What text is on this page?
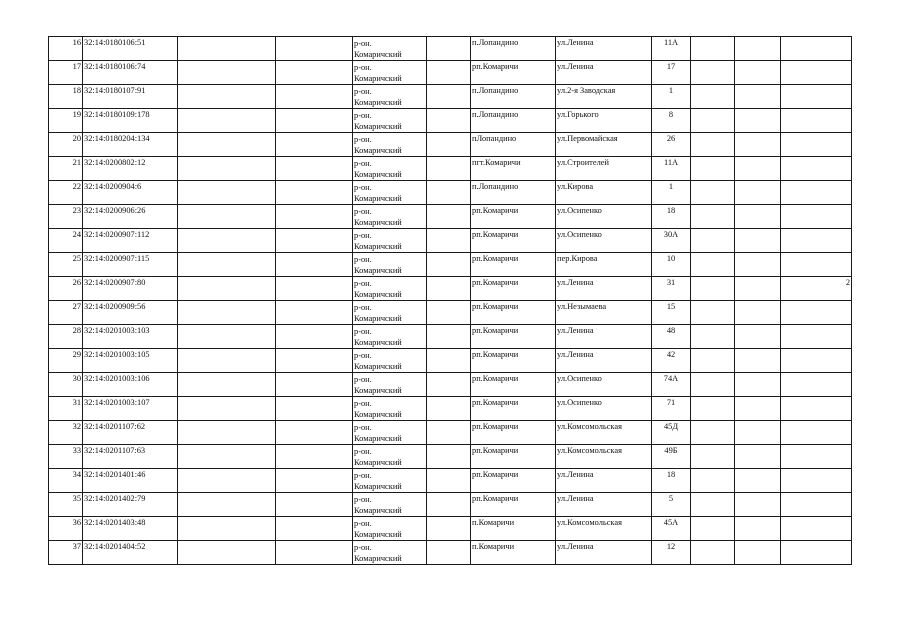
16	32:14:0180106:51			р-он.
Комаричский		п.Лопандино	ул.Ленина	11А			
17	32:14:0180106:74			р-он.
Комаричский		рп.Комаричи	ул.Ленина	17			
18	32:14:0180107:91			р-он.
Комаричский		п.Лопандино	ул.2-я Заводская	1			
19	32:14:0180109:178			р-он.
Комаричский		п.Лопандино	ул.Горького	8			
20	32:14:0180204:134			р-он.
Комаричский		пЛопандино	ул.Первомайская	26			
21	32:14:0200802:12			р-он.
Комаричский		пгт.Комаричи	ул.Строителей	11А			
22	32:14:0200904:6			р-он.
Комаричский		п.Лопандино	ул.Кирова	1			
23	32:14:0200906:26			р-он.
Комаричский		рп.Комаричи	ул.Осипенко	18			
24	32:14:0200907:112			р-он.
Комаричский		рп.Комаричи	ул.Осипенко	30А			
25	32:14:0200907:115			р-он.
Комаричский		рп.Комаричи	пер.Кирова	10			
26	32:14:0200907:80			р-он.
Комаричский		рп.Комаричи	ул.Ленина	31			2
27	32:14:0200909:56			р-он.
Комаричский		рп.Комаричи	ул.Незымаева	15			
28	32:14:0201003:103			р-он.
Комаричский		рп.Комаричи	ул.Ленина	48			
29	32:14:0201003:105			р-он.
Комаричский		рп.Комаричи	ул.Ленина	42			
30	32:14:0201003:106			р-он.
Комаричский		рп.Комаричи	ул.Осипенко	74А			
31	32:14:0201003:107			р-он.
Комаричский		рп.Комаричи	ул.Осипенко	71			
32	32:14:0201107:62			р-он.
Комаричский		рп.Комаричи	ул.Комсомольская	45Д			
33	32:14:0201107:63			р-он.
Комаричский		рп.Комаричи	ул.Комсомольская	49Б			
34	32:14:0201401:46			р-он.
Комаричский		рп.Комаричи	ул.Ленина	18			
35	32:14:0201402:79			р-он.
Комаричский		рп.Комаричи	ул.Ленина	5			
36	32:14:0201403:48			р-он.
Комаричский		п.Комаричи	ул.Комсомольская	45А			
37	32:14:0201404:52			р-он.
Комаричский		п.Комаричи	ул.Ленина	12			
